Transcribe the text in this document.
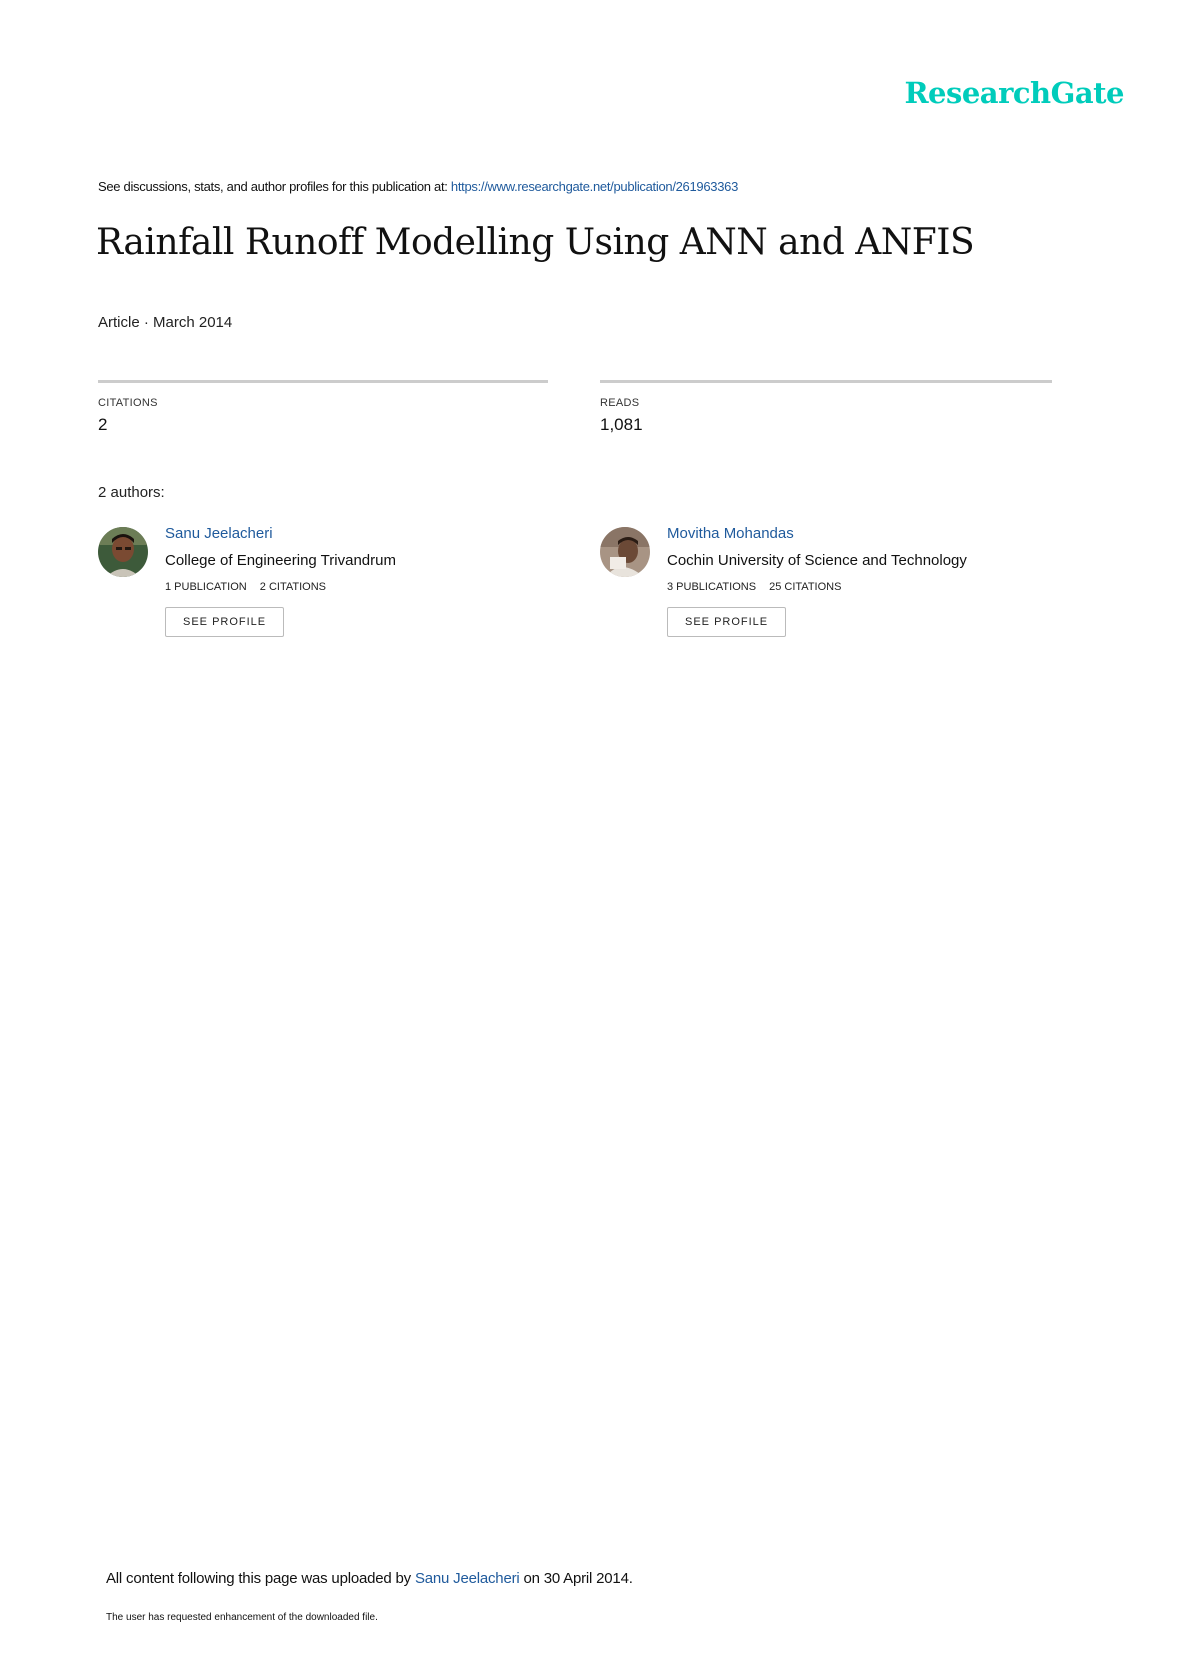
ResearchGate
See discussions, stats, and author profiles for this publication at: https://www.researchgate.net/publication/261963363
Rainfall Runoff Modelling Using ANN and ANFIS
Article · March 2014
CITATIONS
2
READS
1,081
2 authors:
Sanu Jeelacheri
College of Engineering Trivandrum
1 PUBLICATION 2 CITATIONS
SEE PROFILE
Movitha Mohandas
Cochin University of Science and Technology
3 PUBLICATIONS 25 CITATIONS
SEE PROFILE
All content following this page was uploaded by Sanu Jeelacheri on 30 April 2014.
The user has requested enhancement of the downloaded file.
